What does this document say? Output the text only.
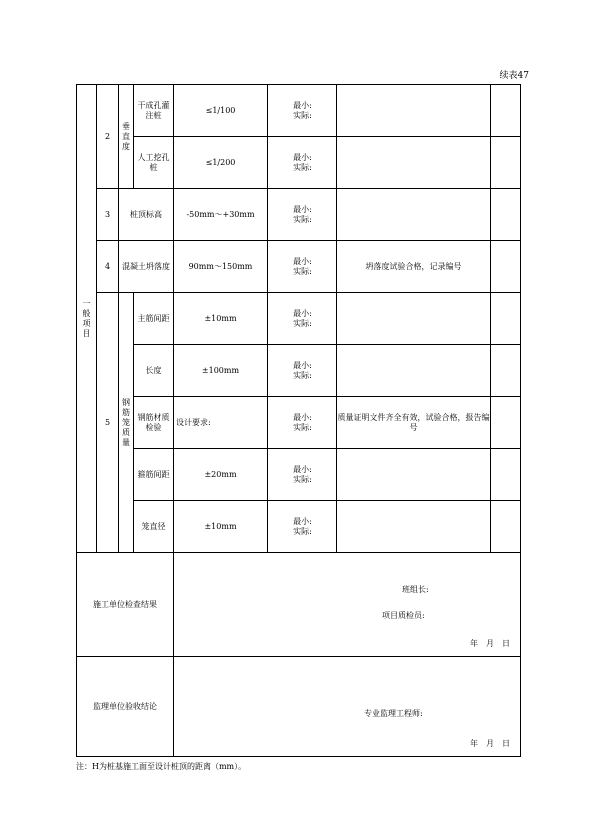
续表47
一般项目	2	垂直度	干成孔灌注桩	≤1/100	最小:
实际:		

			人工挖孔桩	≤1/200	最小:
实际:		

	3	桩顶标高		-50mm～+30mm	最小:
实际:		

	4	混凝土坍落度		90mm～150mm	最小:
实际:	坍落度试验合格，记录编号	
	5	钢筋笼质量	主筋间距	±10mm	最小:
实际:		

			长度	±100mm	最小:
实际:		

			钢筋材质检验	设计要求:	最小:
实际:	质量证明文件齐全有效，试验合格，报告编号	
			箍筋间距	±20mm	最小:
实际:		

			笼直径	±10mm	最小:
实际:		

施工单位检查结果				班组长:
项目质检员:
年　月　日			

监理单位验收结论				专业监理工程师:
年　月　日			
注：H为桩基施工面至设计桩顶的距离（mm）。
